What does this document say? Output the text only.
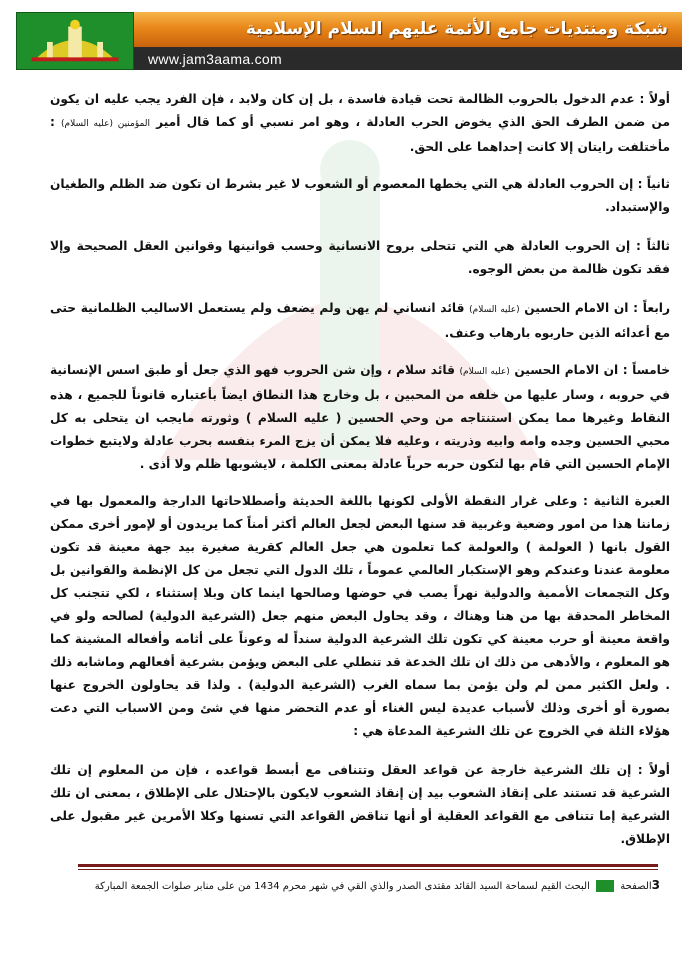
شبكة ومنتديات جامع الأئمة عليهم السلام الإسلامية
www.jam3aama.com

أولاً : عدم الدخول بالحروب الظالمة تحت قيادة فاسدة ، بل إن كان ولابد ، فإن الفرد يجب عليه ان يكون من ضمن الطرف الحق الذي يخوض الحرب العادلة ، وهو امر نسبي أو كما قال أمير المؤمنين (عليه السلام) : مأختلفت رايتان إلا كانت إحداهما على الحق.

ثانياً : إن الحروب العادلة هي التي يخطها المعصوم أو الشعوب لا غير بشرط ان تكون ضد الظلم والطغيان والإستبداد.

ثالثاً : إن الحروب العادلة هي التي تتحلى بروح الانسانية وحسب قوانينها وقوانين العقل الصحيحة وإلا فقد تكون ظالمة من بعض الوجوه.

رابعاً : ان الامام الحسين (عليه السلام) قائد انساني لم يهن ولم يضعف ولم يستعمل الاساليب الظلمانية حتى مع أعدائه الذين حاربوه بارهاب وعنف.

خامساً : ان الامام الحسين (عليه السلام) قائد سلام ، وإن شن الحروب فهو الذي جعل أو طبق اسس الإنسانية في حروبه ، وسار عليها من خلفه من المحبين ، بل وخارج هذا النطاق ايضاً بأعتباره قانوناً للجميع ، هذه النقاط وغيرها مما يمكن استنتاجه من وحي الحسين ( عليه السلام ) وثورته مايجب ان يتحلى به كل محبي الحسين وجده وامه وابيه وذريته ، وعليه فلا يمكن أن يزج المرء بنفسه بحرب عادلة ولايتبع خطوات الإمام الحسين التي قام بها لتكون حربه حرباً عادلة بمعنى الكلمة ، لايشوبها ظلم ولا أذى .

العبرة الثانية : وعلى غرار النقطة الأولى لكونها باللغة الحديثة وأصطلاحاتها الدارجة والمعمول بها في زماننا هذا من امور وضعية وغربية قد سنها البعض لجعل العالم أكثر أمناً كما يريدون أو لإمور أخرى ممكن القول بانها ( العولمة ) والعولمة كما تعلمون هي جعل العالم كقرية صغيرة بيد جهة معينة قد تكون معلومة عندنا وعندكم وهو الإستكبار العالمي عموماً ، تلك الدول التي تجعل من كل الإنظمة والقوانين بل وكل التجمعات الأممية والدولية نهراً يصب في حوضها وصالحها اينما كان وبلا إستثناء ، لكي تتجنب كل المخاطر المحدقة بها من هنا وهناك ، وقد يحاول البعض منهم جعل (الشرعية الدولية) لصالحه ولو في واقعة معينة أو حرب معينة كي تكون تلك الشرعية الدولية سنداً له وعوناً على أثامه وأفعاله المشينة كما هو المعلوم ، والأدهى من ذلك ان تلك الخدعة قد تنطلي على البعض ويؤمن بشرعية أفعالهم وماشابه ذلك . ولعل الكثير ممن لم ولن يؤمن بما سماه الغرب (الشرعية الدولية) . ولذا قد يحاولون الخروج عنها بصورة أو أخرى وذلك لأسباب عديدة ليس الغناء أو عدم التحضر منها في شئ ومن الاسباب التي دعت هؤلاء الثلة في الخروج عن تلك الشرعية المدعاة هي :

أولاً : إن تلك الشرعية خارجة عن قواعد العقل وتتنافى مع أبسط قواعده ، فإن من المعلوم إن تلك الشرعية قد تستند على إنقاذ الشعوب بيد إن إنقاذ الشعوب لايكون بالإحتلال على الإطلاق ، بمعنى ان تلك الشرعية إما تتنافى مع القواعد العقلية أو أنها تناقض القواعد التي تسنها وكلا الأمرين غير مقبول على الإطلاق.

3الصفحة  البحث القيم لسماحة السيد القائد مقتدى الصدر والذي القي في شهر محرم 1434 من على منابر صلوات الجمعة المباركة
